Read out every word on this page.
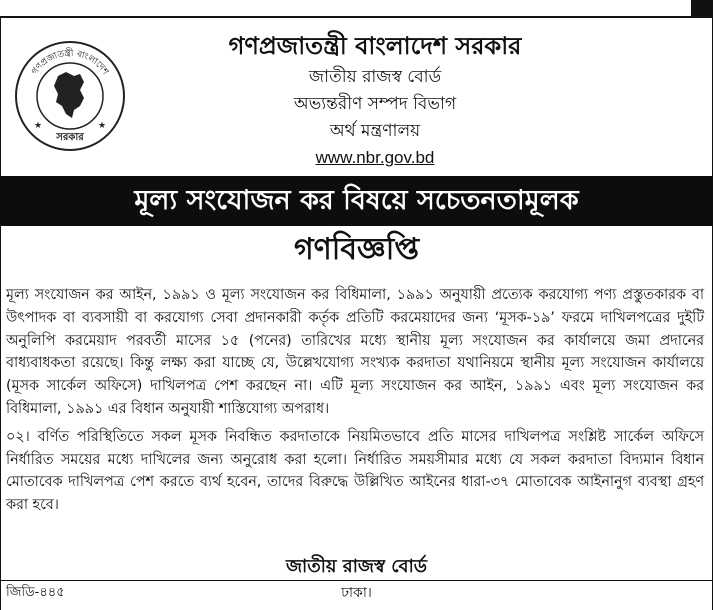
গণপ্রজাতন্ত্রী বাংলাদেশ
সরকার
★	★
গণপ্রজাতন্ত্রী বাংলাদেশ সরকার
জাতীয় রাজস্ব বোর্ড
অভ্যন্তরীণ সম্পদ বিভাগ
অর্থ মন্ত্রণালয়
www.nbr.gov.bd
মূল্য সংযোজন কর বিষয়ে সচেতনতামূলক
গণবিজ্ঞপ্তি

মূল্য সংযোজন কর আইন, ১৯৯১ ও মূল্য সংযোজন কর বিধিমালা, ১৯৯১ অনুযায়ী প্রত্যেক করযোগ্য পণ্য প্রস্তুতকারক বা উৎপাদক বা ব্যবসায়ী বা করযোগ্য সেবা প্রদানকারী কর্তৃক প্রতিটি করমেয়াদের জন্য ‘মূসক-১৯’ ফরমে দাখিলপত্রের দুইটি অনুলিপি করমেয়াদ পরবর্তী মাসের ১৫ (পনের) তারিখের মধ্যে স্থানীয় মূল্য সংযোজন কর কার্যালয়ে জমা প্রদানের বাধ্যবাধকতা রয়েছে। কিন্তু লক্ষ্য করা যাচ্ছে যে, উল্লেখযোগ্য সংখ্যক করদাতা যথানিয়মে স্থানীয় মূল্য সংযোজন কার্যালয়ে (মূসক সার্কেল অফিসে) দাখিলপত্র পেশ করছেন না। এটি মূল্য সংযোজন কর আইন, ১৯৯১ এবং মূল্য সংযোজন কর বিধিমালা, ১৯৯১ এর বিধান অনুযায়ী শাস্তিযোগ্য অপরাধ।

০২। বর্ণিত পরিস্থিতিতে সকল মূসক নিবন্ধিত করদাতাকে নিয়মিতভাবে প্রতি মাসের দাখিলপত্র সংশ্লিষ্ট সার্কেল অফিসে নির্ধারিত সময়ের মধ্যে দাখিলের জন্য অনুরোধ করা হলো। নির্ধারিত সময়সীমার মধ্যে যে সকল করদাতা বিদ্যমান বিধান মোতাবেক দাখিলপত্র পেশ করতে ব্যর্থ হবেন, তাদের বিরুদ্ধে উল্লিখিত আইনের ধারা-৩৭ মোতাবেক আইনানুগ ব্যবস্থা গ্রহণ করা হবে।

জাতীয় রাজস্ব বোর্ড
জিডি-৪৪৫	ঢাকা।
